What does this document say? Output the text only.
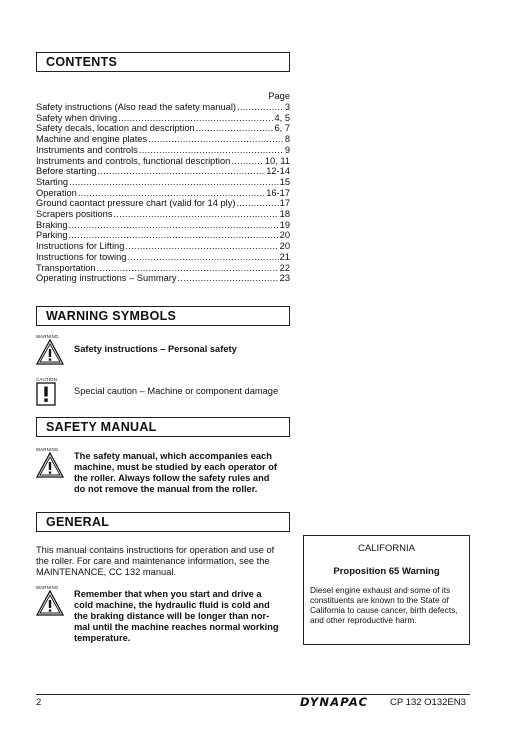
CONTENTS
Page
Safety instructions (Also read the safety manual) .....	3
Safety when driving .....	4, 5
Safety decals, location and description .....	6, 7
Machine and engine plates .....	8
Instruments and controls .....	9
Instruments and controls, functional description .....	10, 11
Before starting .....	12-14
Starting .....	15
Operation .....	16-17
Ground caontact pressure chart (valid for 14 ply) .....	17
Scrapers positions .....	18
Braking .....	19
Parking .....	20
Instructions for Lifting .....	20
Instructions for towing .....	21
Transportation .....	22
Operating instructions – Summary .....	23
WARNING SYMBOLS
WARNING
Safety instructions – Personal safety
CAUTION
Special caution – Machine or component damage
SAFETY MANUAL
WARNING
The safety manual, which accompanies each
machine, must be studied by each operator of
the roller. Always follow the safety rules and
do not remove the manual from the roller.
GENERAL
This manual contains instructions for operation and use of
the roller. For care and maintenance information, see the
MAINTENANCE, CC 132 manual.
WARNING
Remember that when you start and drive a
cold machine, the hydraulic fluid is cold and
the braking distance will be longer than nor-
mal until the machine reaches normal working
temperature.
CALIFORNIA
Proposition 65 Warning
Diesel engine exhaust and some of its
constituents are known to the State of
California to cause cancer, birth defects,
and other reproductive harm.
2	DYNAPAC CP 132 O132EN3
